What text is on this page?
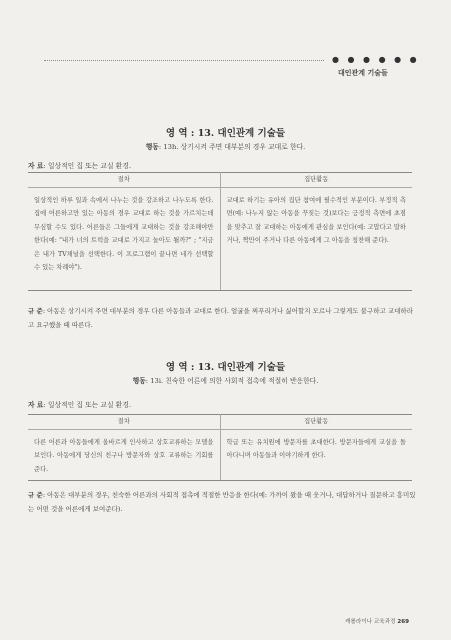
● ● ● ● ● ●
대인관계 기술들
영 역 : 13. 대인관계 기술들
행동: 13h. 상기시켜 주면 대부분의 경우 교대로 한다.
자 료: 일상적인 집 또는 교실 환경.
절차	집단활동
일상적인 하루 일과 속에서 나누는 것을 강조하고 나누도록 한다. 집에 어른하고만 있는 아동의 경우 교대로 하는 것을 가르치는데 무심할 수도 있다. 어른들은 그들에게 교대하는 것을 강조해야만 한다(예: "내가 너의 트럭을 교대로 가지고 놀아도 될까?" ; "지금은 내가 TV채널을 선택한다. 이 프로그램이 끝나면 네가 선택할 수 있는 차례야").	교대로 하기는 유아의 집단 참여에 필수적인 부분이다. 부정적 측면(예: 나누지 않는 아동을 꾸짖는 것)보다는 긍정적 측면에 초점을 맞추고 잘 교대하는 아동에게 관심을 보인다(예: 고맙다고 말하거나, 짝만이 주거나 다른 아동에게 그 아동을 칭찬해 준다).
규 준: 아동은 상기시켜 주면 대부분의 경우 다른 아동들과 교대로 한다. 얼굴을 찌푸리거나 싫어할지 모르나 그렇게도 불구하고 교대하라고 요구했을 때 따른다.
영 역 : 13. 대인관계 기술들
행동: 13i. 친숙한 어른에 의한 사회적 접촉에 적절히 반응한다.
자 료: 일상적인 집 또는 교실 환경.
절차	집단활동
다른 어른과 아동들에게 올바르게 인사하고 상호교류하는 모델을 보인다. 아동에게 당신의 친구나 방문자와 상호 교류하는 기회를 준다.	학급 또는 유치원에 방문자를 초대한다. 방문자들에게 교실을 돌아다니며 아동들과 이야기하게 한다.
규 준: 아동은 대부분의 경우, 친숙한 어른과의 사회적 접촉에 적절한 반응을 한다(예: 가까이 왔을 때 웃거나, 대답하거나 질문하고 흥미있는 어떤 것을 어른에게 보여준다).
캐롤라이나 교육과정 269
